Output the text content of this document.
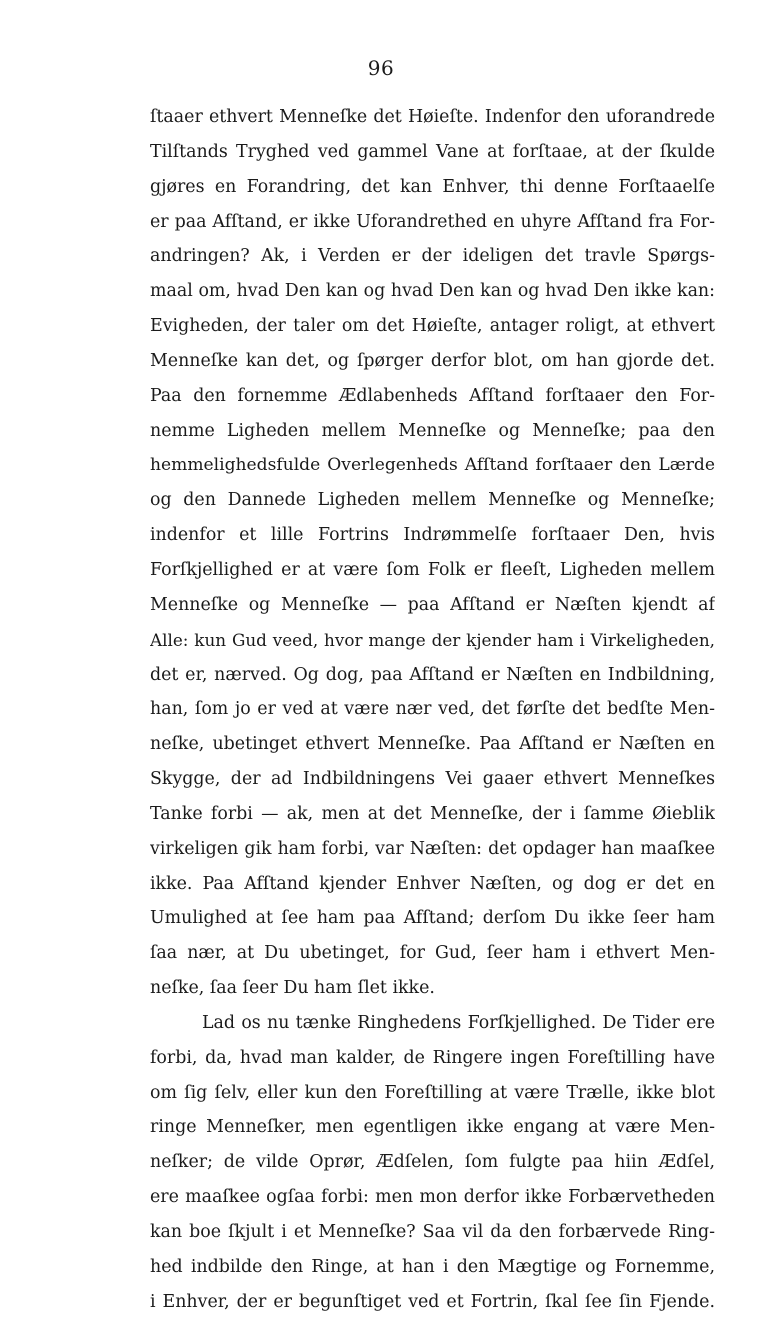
96
ſtaaer ethvert Menneſke det Høieſte. Indenfor den uforandrede
Tilſtands Tryghed ved gammel Vane at forſtaae, at der ſkulde
gjøres en Forandring, det kan Enhver, thi denne Forſtaaelſe
er paa Afſtand, er ikke Uforandrethed en uhyre Afſtand fra For-
andringen? Ak, i Verden er der ideligen det travle Spørgs-
maal om, hvad Den kan og hvad Den kan og hvad Den ikke kan:
Evigheden, der taler om det Høieſte, antager roligt, at ethvert
Menneſke kan det, og ſpørger derfor blot, om han gjorde det.
Paa den fornemme Ædlabenheds Afſtand forſtaaer den For-
nemme Ligheden mellem Menneſke og Menneſke; paa den
hemmelighedsfulde Overlegenheds Afſtand forſtaaer den Lærde
og den Dannede Ligheden mellem Menneſke og Menneſke;
indenfor et lille Fortrins Indrømmelſe forſtaaer Den, hvis
Forſkjellighed er at være ſom Folk er fleeſt, Ligheden mellem
Menneſke og Menneſke — paa Afſtand er Næſten kjendt af
Alle: kun Gud veed, hvor mange der kjender ham i Virkeligheden,
det er, nærved. Og dog, paa Afſtand er Næſten en Indbildning,
han, ſom jo er ved at være nær ved, det førſte det bedſte Men-
neſke, ubetinget ethvert Menneſke. Paa Afſtand er Næſten en
Skygge, der ad Indbildningens Vei gaaer ethvert Menneſkes
Tanke forbi — ak, men at det Menneſke, der i ſamme Øieblik
virkeligen gik ham forbi, var Næſten: det opdager han maaſkee
ikke. Paa Afſtand kjender Enhver Næſten, og dog er det en
Umulighed at ſee ham paa Afſtand; derſom Du ikke ſeer ham
ſaa nær, at Du ubetinget, for Gud, ſeer ham i ethvert Men-
neſke, ſaa ſeer Du ham ſlet ikke.
Lad os nu tænke Ringhedens Forſkjellighed. De Tider ere
forbi, da, hvad man kalder, de Ringere ingen Foreſtilling have
om ſig ſelv, eller kun den Foreſtilling at være Trælle, ikke blot
ringe Menneſker, men egentligen ikke engang at være Men-
neſker; de vilde Oprør, Ædſelen, ſom fulgte paa hiin Ædſel,
ere maaſkee ogſaa forbi: men mon derfor ikke Forbærvetheden
kan boe ſkjult i et Menneſke? Saa vil da den forbærvede Ring-
hed indbilde den Ringe, at han i den Mægtige og Fornemme,
i Enhver, der er begunſtiget ved et Fortrin, ſkal ſee ſin Fjende.
